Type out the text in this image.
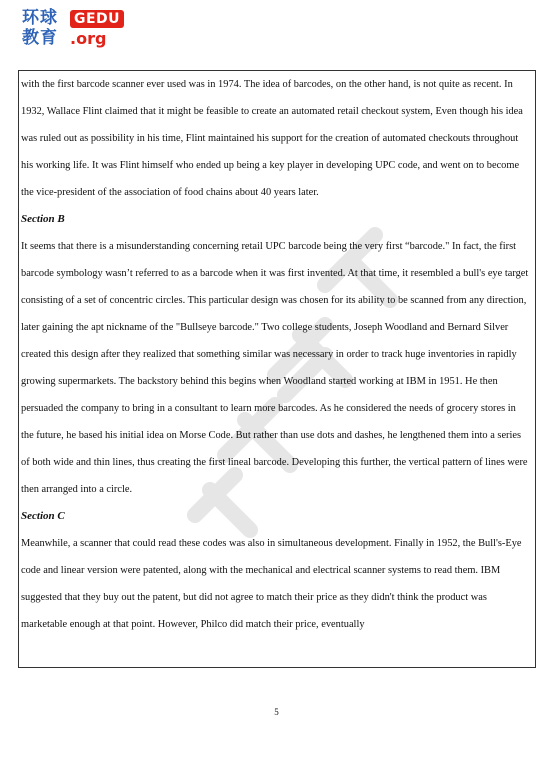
环球
教育
GEDU
.org

with the first barcode scanner ever used was in 1974. The idea of barcodes, on the other hand, is not quite as recent. In 1932, Wallace Flint claimed that it might be feasible to create an automated retail checkout system, Even though his idea was ruled out as possibility in his time, Flint maintained his support for the creation of automated checkouts throughout his working life. It was Flint himself who ended up being a key player in developing UPC code, and went on to become the vice-president of the association of food chains about 40 years later.

Section B

It seems that there is a misunderstanding concerning retail UPC barcode being the very first “barcode." In fact, the first barcode symbology wasn’t referred to as a barcode when it was first invented. At that time, it resembled a bull's eye target consisting of a set of concentric circles. This particular design was chosen for its ability to be scanned from any direction, later gaining the apt nickname of the "Bullseye barcode." Two college students, Joseph Woodland and Bernard Silver created this design after they realized that something similar was necessary in order to track huge inventories in rapidly growing supermarkets. The backstory behind this begins when Woodland started working at IBM in 1951. He then persuaded the company to bring in a consultant to learn more barcodes. As he considered the needs of grocery stores in the future, he based his initial idea on Morse Code. But rather than use dots and dashes, he lengthened them into a series of both wide and thin lines, thus creating the first lineal barcode. Developing this further, the vertical pattern of lines were then arranged into a circle.

Section C

Meanwhile, a scanner that could read these codes was also in simultaneous development. Finally in 1952, the Bull's-Eye code and linear version were patented, along with the mechanical and electrical scanner systems to read them. IBM suggested that they buy out the patent, but did not agree to match their price as they didn't think the product was marketable enough at that point. However, Philco did match their price, eventually

5
